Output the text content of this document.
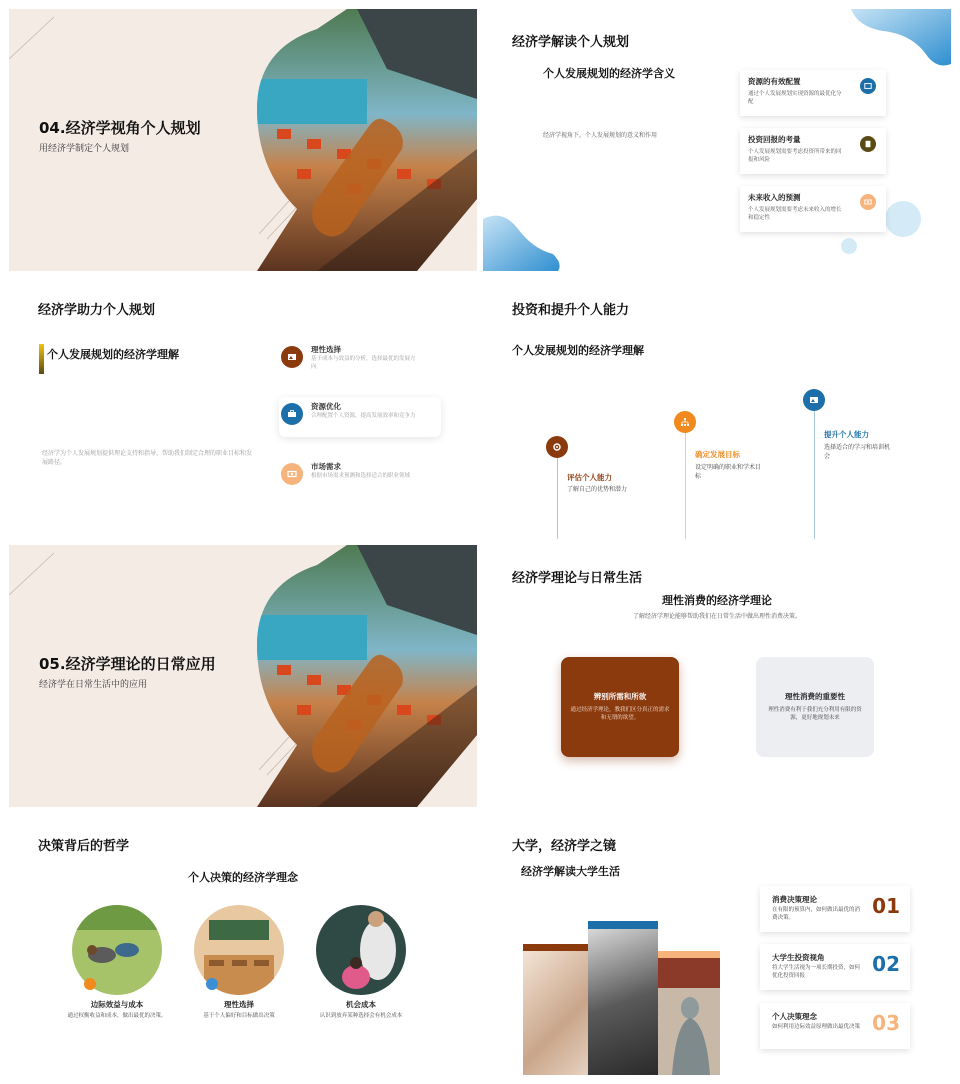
04.经济学视角个人规划
用经济学制定个人规划
经济学解读个人规划
个人发展规划的经济学含义
经济学视角下，个人发展规划的意义和作用
资源的有效配置
通过个人发展规划实现资源的最优化分配
投资回报的考量
个人发展规划需要考虑投资所带来的回报和风险
未来收入的预测
个人发展规划需要考虑未来收入的增长和稳定性
经济学助力个人规划
个人发展规划的经济学理解
经济学为个人发展规划提供理论支持和指导，帮助我们制定合理的职业目标和发展路径。
理性选择
基于成本与效益的分析，选择最优的发展方向
资源优化
合理配置个人资源，提高发展效率和竞争力
市场需求
根据市场需求预测和选择适合的职业领域
投资和提升个人能力
个人发展规划的经济学理解
评估个人能力
了解自己的优势和潜力
确定发展目标
设定明确的职业和学术目标
提升个人能力
选择适合的学习和培训机会
05.经济学理论的日常应用
经济学在日常生活中的应用
经济学理论与日常生活
理性消费的经济学理论
了解经济学理论能够帮助我们在日常生活中做出理性消费决策。
辨别所需和所欲
通过经济学理论，教我们区分真正的需求和无谓的欲望。
理性消费的重要性
理性消费有利于我们充分利用有限的资源，更好地规划未来
决策背后的哲学
个人决策的经济学理念
边际效益与成本
通过权衡收益和成本，做出最优的决策。
理性选择
基于个人偏好和目标做出决策
机会成本
认识到放弃某种选择会有机会成本
大学，经济学之镜
经济学解读大学生活
消费决策理论
在有限的预算内，如何做出最优的消费决策。	01
大学生投资视角
将大学生活视为一项长期投资，如何优化投资回报	02
个人决策理念
如何利用边际效益原理做出最优决策 03
